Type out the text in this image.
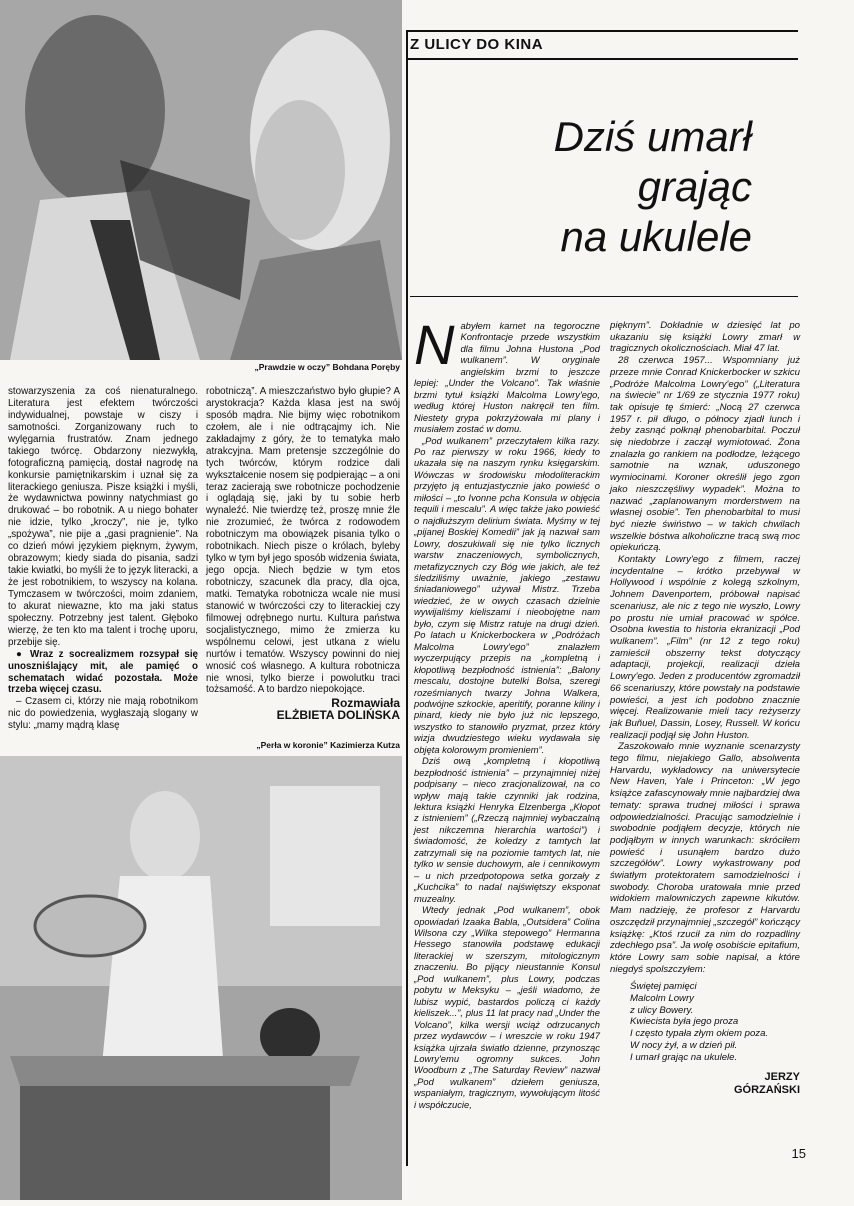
„Prawdzie w oczy” Bohdana Poręby

stowarzyszenia za coś nienaturalnego. Literatura jest efektem twórczości indywidualnej, powstaje w ciszy i samotności. Zorganizowany ruch to wylęgarnia frustratów. Znam jednego takiego twórcę. Obdarzony niezwykłą, fotograficzną pamięcią, dostał nagrodę na konkursie pamiętnikarskim i uznał się za literackiego geniusza. Pisze książki i myśli, że wydawnictwa powinny natychmiast go drukować – bo robotnik. A u niego bohater nie idzie, tylko „kroczy”, nie je, tylko „spożywa”, nie pije a „gasi pragnienie”. Na co dzień mówi językiem pięknym, żywym, obrazowym; kiedy siada do pisania, sadzi takie kwiatki, bo myśli że to język literacki, a że jest robotnikiem, to wszyscy na kolana. Tymczasem w twórczości, moim zdaniem, to akurat niewazne, kto ma jaki status społeczny. Potrzebny jest talent. Głęboko wierzę, że ten kto ma talent i trochę uporu, przebije się.

● Wraz z socrealizmem rozsypał się unoszniślający mit, ale pamięć o schematach widać pozostała. Może trzeba więcej czasu.

– Czasem ci, którzy nie mają robotnikom nic do powiedzenia, wygłaszają slogany w stylu: „mamy mądrą klasę

robotniczą”. A mieszczaństwo było głupie? A arystokracja? Każda klasa jest na swój sposób mądra. Nie bijmy więc robotnikom czołem, ale i nie odtrącajmy ich. Nie zakładajmy z góry, że to tematyka mało atrakcyjna. Mam pretensje szczególnie do tych twórców, którym rodzice dali wykształcenie nosem się podpierając – a oni teraz zacierają swe robotnicze pochodzenie i oglądają się, jaki by tu sobie herb wynaleźć. Nie twierdzę też, proszę mnie źle nie zrozumieć, że twórca z rodowodem robotniczym ma obowiązek pisania tylko o robotnikach. Niech pisze o królach, byleby tylko w tym był jego sposób widzenia świata, jego opcja. Niech będzie w tym etos robotniczy, szacunek dla pracy, dla ojca, matki. Tematyka robotnicza wcale nie musi stanowić w twórczości czy to literackiej czy filmowej odrębnego nurtu. Kultura państwa socjalistycznego, mimo że zmierza ku wspólnemu celowi, jest utkana z wielu nurtów i tematów. Wszyscy powinni do niej wnosić coś własnego. A kultura robotnicza nie wnosi, tylko bierze i powolutku traci tożsamość. A to bardzo niepokojące.

Rozmawiała
ELŻBIETA DOLIŃSKA
„Perła w koronie” Kazimierza Kutza
Z ULICY DO KINA
Dziś umarł
grając
na ukulele

Nabyłem karnet na tegoroczne Konfrontacje przede wszystkim dla filmu Johna Hustona „Pod wulkanem”. W oryginale angielskim brzmi to jeszcze lepiej: „Under the Volcano”. Tak właśnie brzmi tytuł książki Malcolma Lowry'ego, według której Huston nakręcił ten film. Niestety grypa pokrzyżowała mi plany i musiałem zostać w domu.

„Pod wulkanem” przeczytałem kilka razy. Po raz pierwszy w roku 1966, kiedy to ukazała się na naszym rynku księgarskim. Wówczas w środowisku młodoliterackim przyjęto ją entuzjastycznie jako powieść o miłości – „to Ivonne pcha Konsula w objęcia tequili i mescalu”. A więc także jako powieść o najdłuższym delirium świata. Myśmy w tej „pijanej Boskiej Komedii” jak ją nazwał sam Lowry, doszukiwali się nie tylko licznych warstw znaczeniowych, symbolicznych, metafizycznych czy Bóg wie jakich, ale też śledziliśmy uważnie, jakiego „zestawu śniadaniowego” używał Mistrz. Trzeba wiedzieć, że w owych czasach dzielnie wywijaliśmy kieliszami i nieobojętne nam było, czym się Mistrz ratuje na drugi dzień. Po latach u Knickerbockera w „Podróżach Malcolma Lowry'ego” znalazłem wyczerpujący przepis na „kompletną i kłopotliwą bezpłodność istnienia”: „Balony mescalu, dostojne butelki Bolsa, szeregi roześmianych twarzy Johna Walkera, podwójne szkockie, aperitify, poranne kiliny i pinard, kiedy nie było już nic lepszego, wszystko to stanowiło pryzmat, przez który wizja dwudziestego wieku wydawała się objęta kolorowym promieniem”.

Dziś ową „kompletną i kłopotliwą bezpłodność istnienia” – przynajmniej niżej podpisany – nieco zracjonalizował, na co wpływ mają takie czynniki jak rodzina, lektura książki Henryka Elzenberga „Kłopot z istnieniem” („Rzeczą najmniej wybaczalną jest nikczemna hierarchia wartości”) i świadomość, że koledzy z tamtych lat zatrzymali się na poziomie tamtych lat, nie tylko w sensie duchowym, ale i cennikowym – u nich przedpotopowa setka gorzały z „Kuchcika” to nadal najświętszy eksponat muzealny.

Wtedy jednak „Pod wulkanem”, obok opowiadań Izaaka Babla, „Outsidera” Colina Wilsona czy „Wilka stepowego” Hermanna Hessego stanowiła podstawę edukacji literackiej w szerszym, mitologicznym znaczeniu. Bo pijący nieustannie Konsul „Pod wulkanem”, plus Lowry, podczas pobytu w Meksyku – „jeśli wiadomo, że lubisz wypić, bastardos policzą ci każdy kieliszek...”, plus 11 lat pracy nad „Under the Volcano”, kilka wersji wciąż odrzucanych przez wydawców – i wreszcie w roku 1947 książka ujrzała światło dzienne, przynosząc Lowry'emu ogromny sukces. John Woodburn z „The Saturday Review” nazwał „Pod wulkanem” dziełem geniusza, wspaniałym, tragicznym, wywołującym litość i współczucie,

pięknym”. Dokładnie w dziesięć lat po ukazaniu się książki Lowry zmarł w tragicznych okolicznościach. Miał 47 lat.

28 czerwca 1957... Wspomniany już przeze mnie Conrad Knickerbocker w szkicu „Podróże Malcolma Lowry'ego” („Literatura na świecie” nr 1/69 ze stycznia 1977 roku) tak opisuje tę śmierć: „Nocą 27 czerwca 1957 r. pił długo, o północy zjadł lunch i żeby zasnąć połknął phenobarbital. Poczuł się niedobrze i zaczął wymiotować. Żona znalazła go rankiem na podłodze, leżącego samotnie na wznak, uduszonego wymiocinami. Koroner określił jego zgon jako nieszczęśliwy wypadek”. Można to nazwać „zaplanowanym morderstwem na własnej osobie”. Ten phenobarbital to musi być niezłe świństwo – w takich chwilach wszelkie bóstwa alkoholiczne tracą swą moc opiekuńczą.

Kontakty Lowry'ego z filmem, raczej incydentalne – krótko przebywał w Hollywood i wspólnie z kolegą szkolnym, Johnem Davenportem, próbował napisać scenariusz, ale nic z tego nie wyszło, Lowry po prostu nie umiał pracować w spółce. Osobna kwestia to historia ekranizacji „Pod wulkanem”. „Film” (nr 12 z tego roku) zamieścił obszerny tekst dotyczący adaptacji, projekcji, realizacji dzieła Lowry'ego. Jeden z producentów zgromadził 66 scenariuszy, które powstały na podstawie powieści, a jest ich podobno znacznie więcej. Realizowanie mieli tacy reżyserzy jak Buñuel, Dassin, Losey, Russell. W końcu realizacji podjął się John Huston.

Zaszokowało mnie wyznanie scenarzysty tego filmu, niejakiego Gallo, absolwenta Harvardu, wykładowcy na uniwersytecie New Haven, Yale i Princeton: „W jego książce zafascynowały mnie najbardziej dwa tematy: sprawa trudnej miłości i sprawa odpowiedzialności. Pracując samodzielnie i swobodnie podjąłem decyzje, których nie podjąłbym w innych warunkach: skróciłem powieść i usunąłem bardzo dużo szczegółów”. Lowry wykastrowany pod światłym protektoratem samodzielności i swobody. Choroba uratowała mnie przed widokiem malowniczych zapewne kikutów. Mam nadzieję, że profesor z Harvardu oszczędził przynajmniej „szczegół” kończący książkę: „Ktoś rzucił za nim do rozpadliny zdechłego psa”. Ja wolę osobiście epitafium, które Lowry sam sobie napisał, a które niegdyś spolszczyłem:

Świętej pamięci
Malcolm Lowry
z ulicy Bowery.
Kwiecista była jego proza
I często typała złym okiem poza.
W nocy żył, a w dzień pił.
I umarł grając na ukulele.
JERZY
GÓRZAŃSKI
15
